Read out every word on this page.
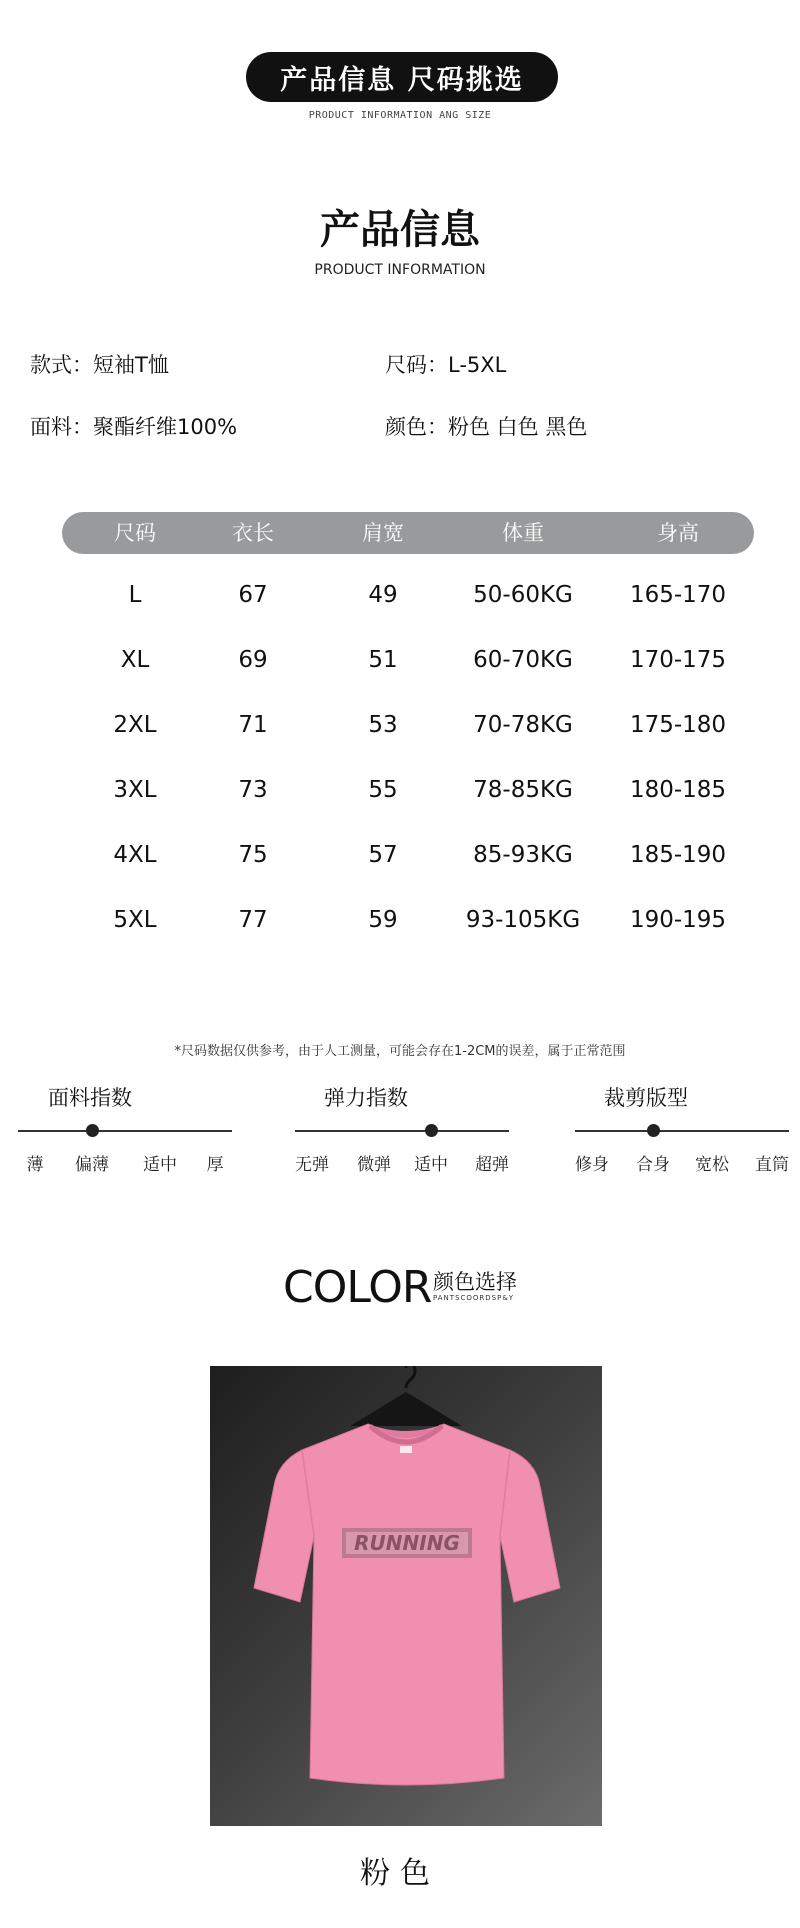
产品信息 尺码挑选
PRODUCT INFORMATION ANG SIZE
产品信息
PRODUCT INFORMATION
款式：短袖T恤	尺码：L-5XL
面料：聚酯纤维100%	颜色：粉色 白色 黑色
尺码	衣长	肩宽	体重	身高
L	67	49	50-60KG	165-170
XL	69	51	60-70KG	170-175
2XL	71	53	70-78KG	175-180
3XL	73	55	78-85KG	180-185
4XL	75	57	85-93KG	185-190
5XL	77	59	93-105KG	190-195
*尺码数据仅供参考，由于人工测量，可能会存在1-2CM的误差，属于正常范围
面料指数
薄	偏薄	适中	厚
弹力指数
无弹	微弹	适中	超弹
裁剪版型
修身	合身	宽松	直筒
COLOR 颜色选择
PANTSCOORDSP&Y
RUNNING
粉色
